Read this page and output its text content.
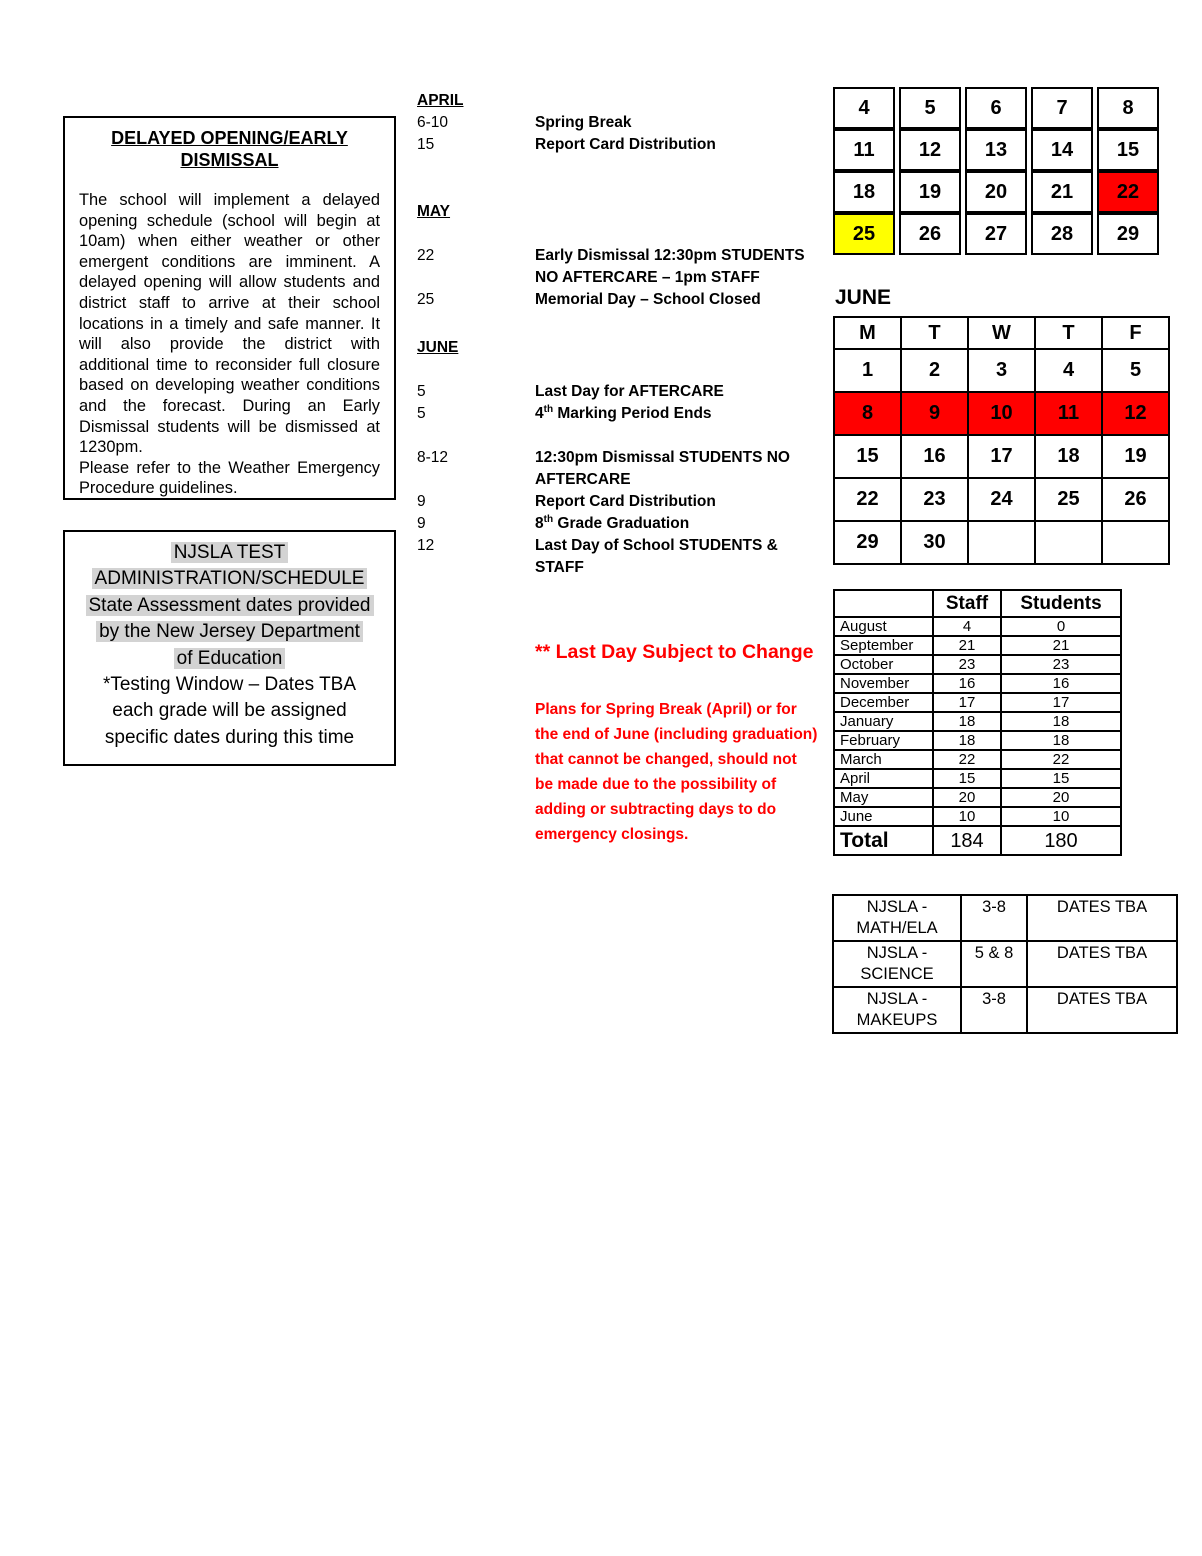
DELAYED OPENING/EARLY
DISMISSAL

The school will implement a delayed opening schedule (school will begin at 10am) when either weather or other emergent conditions are imminent. A delayed opening will allow students and district staff to arrive at their school locations in a timely and safe manner. It will also provide the district with additional time to reconsider full closure based on developing weather conditions and the forecast. During an Early Dismissal students will be dismissed at 1230pm.

Please refer to the Weather Emergency Procedure guidelines.

NJSLA TEST
ADMINISTRATION/SCHEDULE
State Assessment dates provided
by the New Jersey Department
of Education
*Testing Window – Dates TBA
each grade will be assigned
specific dates during this time
APRIL
6-10	Spring Break
15	Report Card Distribution
MAY
22	Early Dismissal 12:30pm STUDENTS NO AFTERCARE – 1pm STAFF
25	Memorial Day – School Closed
JUNE
5	Last Day for AFTERCARE
5	4th Marking Period Ends
8-12	12:30pm Dismissal STUDENTS NO AFTERCARE
9	Report Card Distribution
9	8th Grade Graduation
12	Last Day of School STUDENTS & STAFF
** Last Day Subject to Change
Plans for Spring Break (April) or for the end of June (including graduation) that cannot be changed, should not be made due to the possibility of adding or subtracting days to do emergency closings.
4	5	6	7	8
11	12	13	14	15
18	19	20	21	22
25	26	27	28	29
JUNE
M	T	W	T	F
1	2	3	4	5
8	9	10	11	12
15	16	17	18	19
22	23	24	25	26
29	30			
	Staff	Students
August	4	0
September	21	21
October	23	23
November	16	16
December	17	17
January	18	18
February	18	18
March	22	22
April	15	15
May	20	20
June	10	10
Total	184	180
NJSLA - MATH/ELA	3-8	DATES TBA
NJSLA - SCIENCE	5 & 8	DATES TBA
NJSLA - MAKEUPS	3-8	DATES TBA
